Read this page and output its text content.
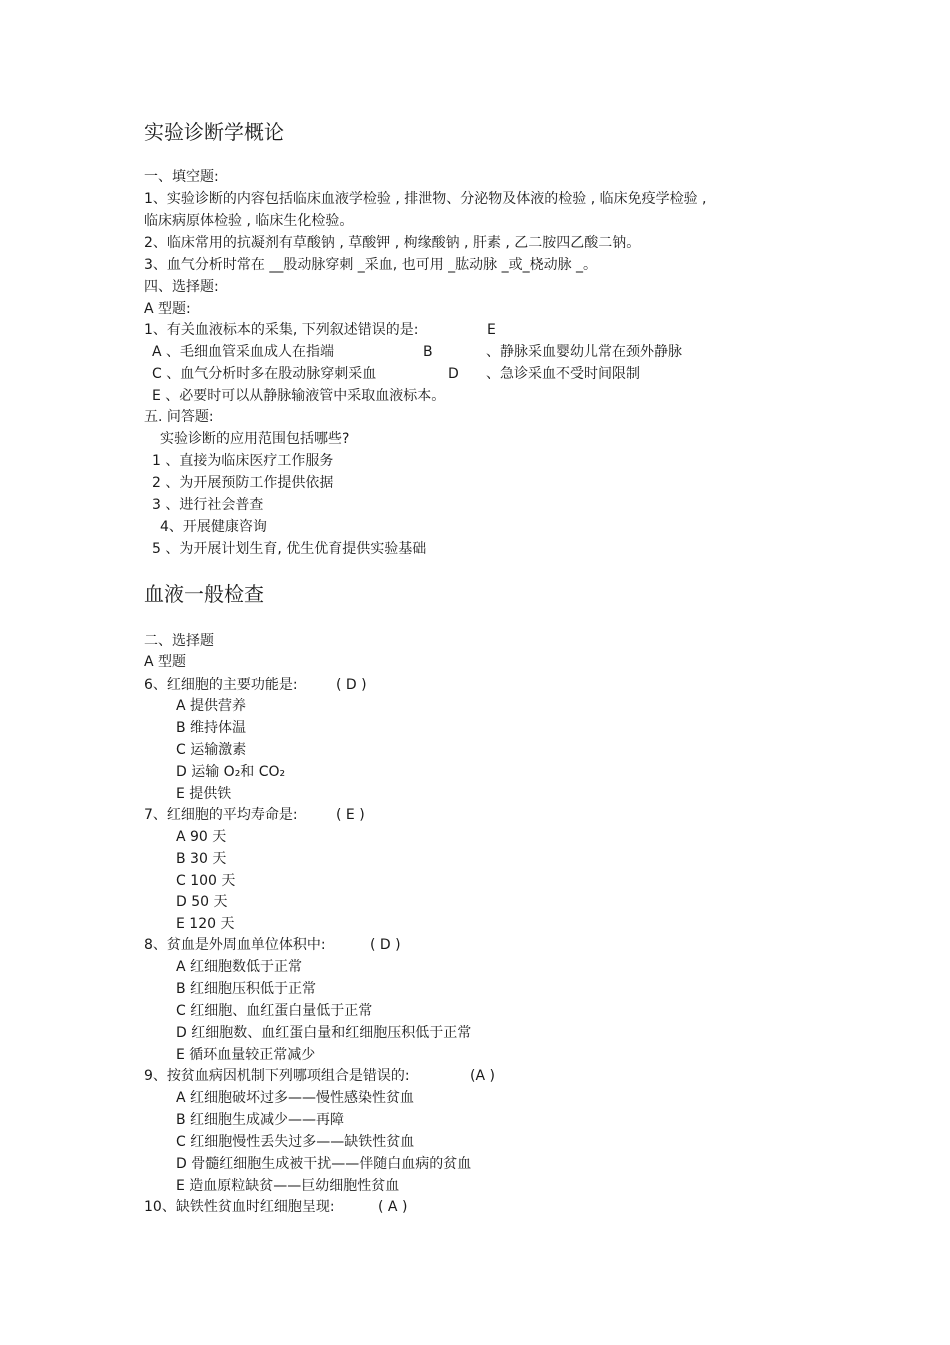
实验诊断学概论
一、填空题:
1、实验诊断的内容包括临床血液学检验 , 排泄物、分泌物及体液的检验 , 临床免疫学检验 ,
临床病原体检验 , 临床生化检验。
2、临床常用的抗凝剂有草酸钠 , 草酸钾 , 枸缘酸钠 , 肝素 , 乙二胺四乙酸二钠。
3、血气分析时常在 __股动脉穿刺 _采血, 也可用 _肱动脉 _或_桡动脉 _。
四、选择题:
A 型题:
1、有关血液标本的采集, 下列叙述错误的是:	E
A 、毛细血管采血成人在指端	B	、静脉采血婴幼儿常在颈外静脉
C 、血气分析时多在股动脉穿刺采血	D 、急诊采血不受时间限制
E 、必要时可以从静脉输液管中采取血液标本。
五. 问答题:
实验诊断的应用范围包括哪些?
1 、直接为临床医疗工作服务
2 、为开展预防工作提供依据
3 、进行社会普查
4、开展健康咨询
5 、为开展计划生育, 优生优育提供实验基础
血液一般检查
二、选择题
A 型题
6、红细胞的主要功能是:	( D )
A 提供营养
B 维持体温
C 运输激素
D 运输 O₂和 CO₂
E 提供铁
7、红细胞的平均寿命是:	( E )
A 90 天
B 30 天
C 100 天
D 50 天
E 120 天
8、贫血是外周血单位体积中:	( D )
A 红细胞数低于正常
B 红细胞压积低于正常
C 红细胞、血红蛋白量低于正常
D 红细胞数、血红蛋白量和红细胞压积低于正常
E 循环血量较正常减少
9、按贫血病因机制下列哪项组合是错误的:	(A )
A 红细胞破坏过多——慢性感染性贫血
B 红细胞生成减少——再障
C 红细胞慢性丢失过多——缺铁性贫血
D 骨髓红细胞生成被干扰——伴随白血病的贫血
E 造血原粒缺贫——巨幼细胞性贫血
10、缺铁性贫血时红细胞呈现:	( A )
